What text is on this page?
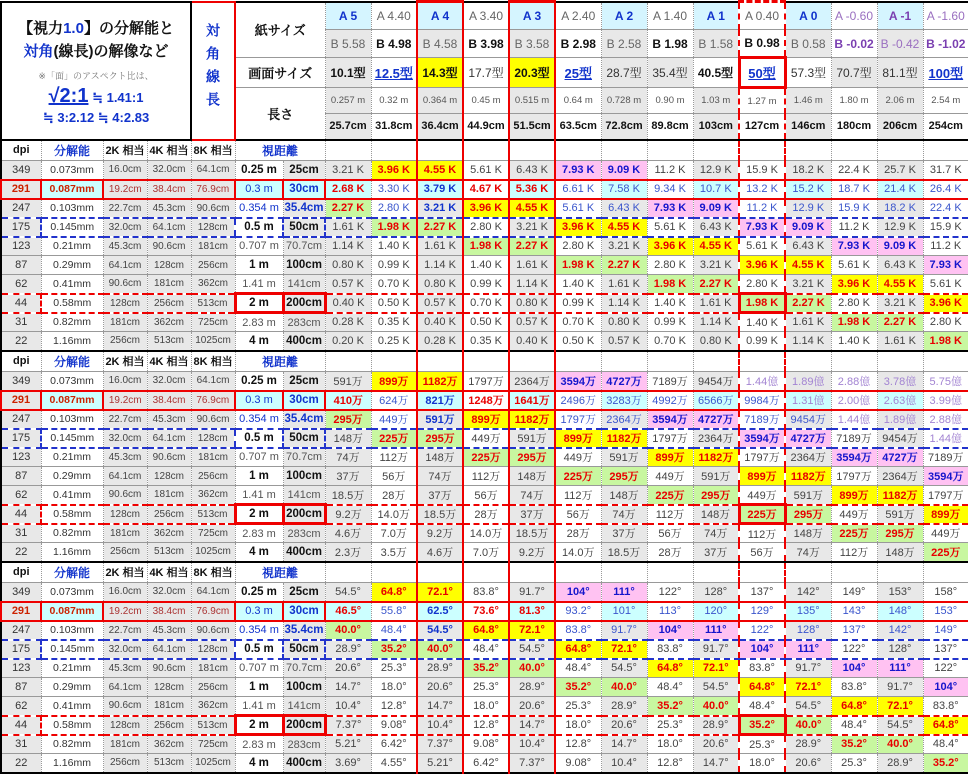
【視力1.0】の分解能と
対角(線長)の解像など
※「面」のアスペクト比は、
√2:1 ≒ 1.41:1
≒ 3:2.12 ≒ 4:2.83				対角線長	紙サイズ		A 5	A 4.40	A 4	A 3.40	A 3	A 2.40	A 2	A 1.40	A 1	A 0.40	A 0	A -0.60	A -1	A -1.60
							B 5.58	B 4.98	B 4.58	B 3.98	B 3.58	B 2.98	B 2.58	B 1.98	B 1.58	B 0.98	B 0.58	B -0.02	B -0.42	B -1.02
					画面サイズ		10.1型	12.5型	14.3型	17.7型	20.3型	25型	28.7型	35.4型	40.5型	50型	57.3型	70.7型	81.1型	100型
					長さ		0.257 m	0.32 m	0.364 m	0.45 m	0.515 m	0.64 m	0.728 m	0.90 m	1.03 m	1.27 m	1.46 m	1.80 m	2.06 m	2.54 m
							25.7cm	31.8cm	36.4cm	44.9cm	51.5cm	63.5cm	72.8cm	89.8cm	103cm	127cm	146cm	180cm	206cm	254cm
dpi	分解能	2K 相当	4K 相当	8K 相当	視距離															
349	0.073mm	16.0cm	32.0cm	64.1cm	0.25 m	25cm	3.21 K	3.96 K	4.55 K	5.61 K	6.43 K	7.93 K	9.09 K	11.2 K	12.9 K	15.9 K	18.2 K	22.4 K	25.7 K	31.7 K
291	0.087mm	19.2cm	38.4cm	76.9cm	0.3 m	30cm	2.68 K	3.30 K	3.79 K	4.67 K	5.36 K	6.61 K	7.58 K	9.34 K	10.7 K	13.2 K	15.2 K	18.7 K	21.4 K	26.4 K
247	0.103mm	22.7cm	45.3cm	90.6cm	0.354 m	35.4cm	2.27 K	2.80 K	3.21 K	3.96 K	4.55 K	5.61 K	6.43 K	7.93 K	9.09 K	11.2 K	12.9 K	15.9 K	18.2 K	22.4 K
175	0.145mm	32.0cm	64.1cm	128cm	0.5 m	50cm	1.61 K	1.98 K	2.27 K	2.80 K	3.21 K	3.96 K	4.55 K	5.61 K	6.43 K	7.93 K	9.09 K	11.2 K	12.9 K	15.9 K
123	0.21mm	45.3cm	90.6cm	181cm	0.707 m	70.7cm	1.14 K	1.40 K	1.61 K	1.98 K	2.27 K	2.80 K	3.21 K	3.96 K	4.55 K	5.61 K	6.43 K	7.93 K	9.09 K	11.2 K
87	0.29mm	64.1cm	128cm	256cm	1 m	100cm	0.80 K	0.99 K	1.14 K	1.40 K	1.61 K	1.98 K	2.27 K	2.80 K	3.21 K	3.96 K	4.55 K	5.61 K	6.43 K	7.93 K
62	0.41mm	90.6cm	181cm	362cm	1.41 m	141cm	0.57 K	0.70 K	0.80 K	0.99 K	1.14 K	1.40 K	1.61 K	1.98 K	2.27 K	2.80 K	3.21 K	3.96 K	4.55 K	5.61 K
44	0.58mm	128cm	256cm	513cm	2 m	200cm	0.40 K	0.50 K	0.57 K	0.70 K	0.80 K	0.99 K	1.14 K	1.40 K	1.61 K	1.98 K	2.27 K	2.80 K	3.21 K	3.96 K
31	0.82mm	181cm	362cm	725cm	2.83 m	283cm	0.28 K	0.35 K	0.40 K	0.50 K	0.57 K	0.70 K	0.80 K	0.99 K	1.14 K	1.40 K	1.61 K	1.98 K	2.27 K	2.80 K
22	1.16mm	256cm	513cm	1025cm	4 m	400cm	0.20 K	0.25 K	0.28 K	0.35 K	0.40 K	0.50 K	0.57 K	0.70 K	0.80 K	0.99 K	1.14 K	1.40 K	1.61 K	1.98 K
dpi	分解能	2K 相当	4K 相当	8K 相当	視距離															
349	0.073mm	16.0cm	32.0cm	64.1cm	0.25 m	25cm	591万	899万	1182万	1797万	2364万	3594万	4727万	7189万	9454万	1.44億	1.89億	2.88億	3.78億	5.75億
291	0.087mm	19.2cm	38.4cm	76.9cm	0.3 m	30cm	410万	624万	821万	1248万	1641万	2496万	3283万	4992万	6566万	9984万	1.31億	2.00億	2.63億	3.99億
247	0.103mm	22.7cm	45.3cm	90.6cm	0.354 m	35.4cm	295万	449万	591万	899万	1182万	1797万	2364万	3594万	4727万	7189万	9454万	1.44億	1.89億	2.88億
175	0.145mm	32.0cm	64.1cm	128cm	0.5 m	50cm	148万	225万	295万	449万	591万	899万	1182万	1797万	2364万	3594万	4727万	7189万	9454万	1.44億
123	0.21mm	45.3cm	90.6cm	181cm	0.707 m	70.7cm	74万	112万	148万	225万	295万	449万	591万	899万	1182万	1797万	2364万	3594万	4727万	7189万
87	0.29mm	64.1cm	128cm	256cm	1 m	100cm	37万	56万	74万	112万	148万	225万	295万	449万	591万	899万	1182万	1797万	2364万	3594万
62	0.41mm	90.6cm	181cm	362cm	1.41 m	141cm	18.5万	28万	37万	56万	74万	112万	148万	225万	295万	449万	591万	899万	1182万	1797万
44	0.58mm	128cm	256cm	513cm	2 m	200cm	9.2万	14.0万	18.5万	28万	37万	56万	74万	112万	148万	225万	295万	449万	591万	899万
31	0.82mm	181cm	362cm	725cm	2.83 m	283cm	4.6万	7.0万	9.2万	14.0万	18.5万	28万	37万	56万	74万	112万	148万	225万	295万	449万
22	1.16mm	256cm	513cm	1025cm	4 m	400cm	2.3万	3.5万	4.6万	7.0万	9.2万	14.0万	18.5万	28万	37万	56万	74万	112万	148万	225万
dpi	分解能	2K 相当	4K 相当	8K 相当	視距離															
349	0.073mm	16.0cm	32.0cm	64.1cm	0.25 m	25cm	54.5°	64.8°	72.1°	83.8°	91.7°	104°	111°	122°	128°	137°	142°	149°	153°	158°
291	0.087mm	19.2cm	38.4cm	76.9cm	0.3 m	30cm	46.5°	55.8°	62.5°	73.6°	81.3°	93.2°	101°	113°	120°	129°	135°	143°	148°	153°
247	0.103mm	22.7cm	45.3cm	90.6cm	0.354 m	35.4cm	40.0°	48.4°	54.5°	64.8°	72.1°	83.8°	91.7°	104°	111°	122°	128°	137°	142°	149°
175	0.145mm	32.0cm	64.1cm	128cm	0.5 m	50cm	28.9°	35.2°	40.0°	48.4°	54.5°	64.8°	72.1°	83.8°	91.7°	104°	111°	122°	128°	137°
123	0.21mm	45.3cm	90.6cm	181cm	0.707 m	70.7cm	20.6°	25.3°	28.9°	35.2°	40.0°	48.4°	54.5°	64.8°	72.1°	83.8°	91.7°	104°	111°	122°
87	0.29mm	64.1cm	128cm	256cm	1 m	100cm	14.7°	18.0°	20.6°	25.3°	28.9°	35.2°	40.0°	48.4°	54.5°	64.8°	72.1°	83.8°	91.7°	104°
62	0.41mm	90.6cm	181cm	362cm	1.41 m	141cm	10.4°	12.8°	14.7°	18.0°	20.6°	25.3°	28.9°	35.2°	40.0°	48.4°	54.5°	64.8°	72.1°	83.8°
44	0.58mm	128cm	256cm	513cm	2 m	200cm	7.37°	9.08°	10.4°	12.8°	14.7°	18.0°	20.6°	25.3°	28.9°	35.2°	40.0°	48.4°	54.5°	64.8°
31	0.82mm	181cm	362cm	725cm	2.83 m	283cm	5.21°	6.42°	7.37°	9.08°	10.4°	12.8°	14.7°	18.0°	20.6°	25.3°	28.9°	35.2°	40.0°	48.4°
22	1.16mm	256cm	513cm	1025cm	4 m	400cm	3.69°	4.55°	5.21°	6.42°	7.37°	9.08°	10.4°	12.8°	14.7°	18.0°	20.6°	25.3°	28.9°	35.2°
